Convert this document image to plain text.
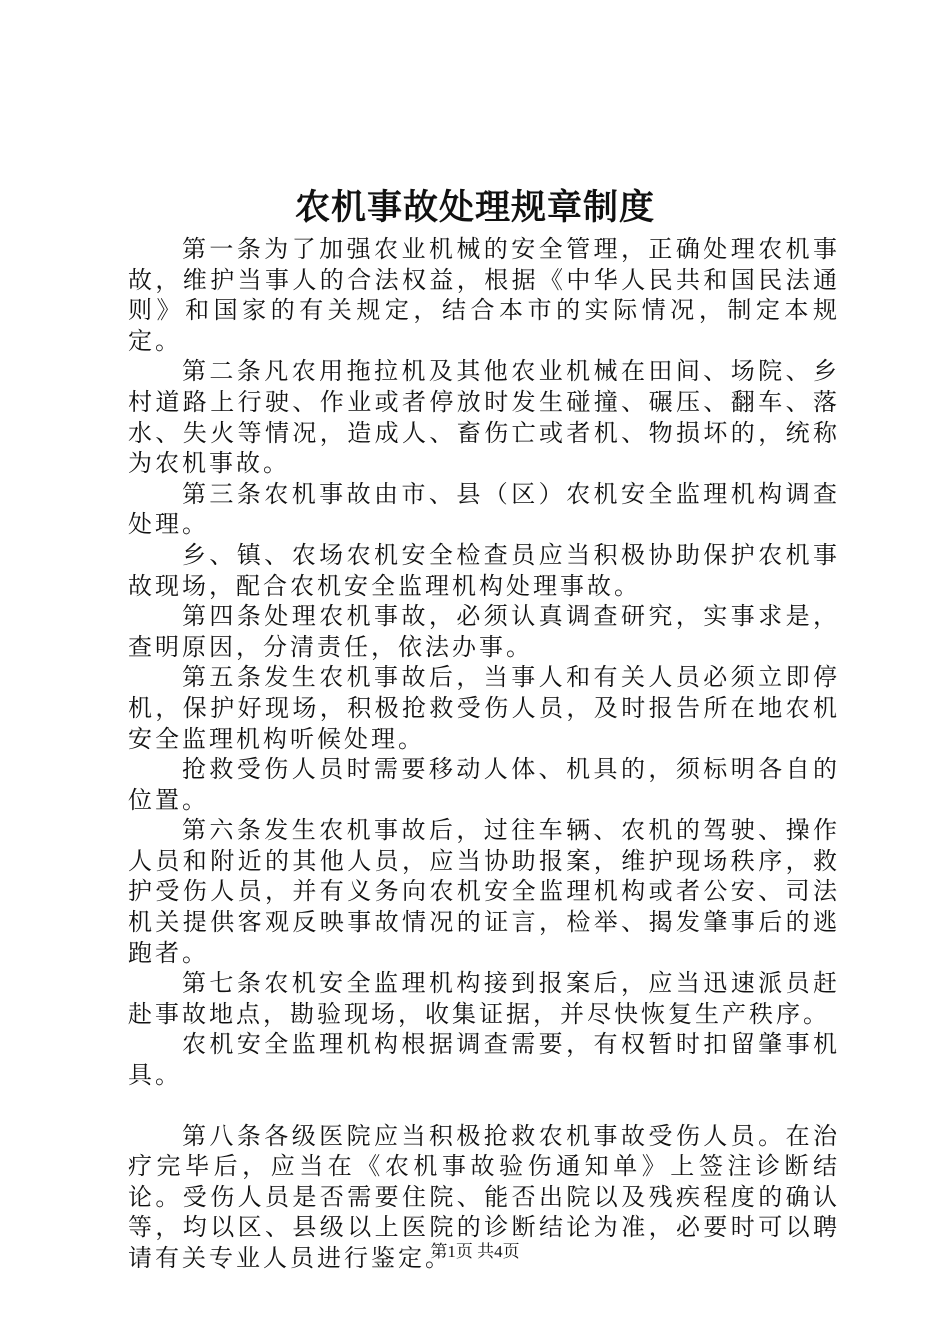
农机事故处理规章制度

第一条为了加强农业机械的安全管理，正确处理农机事故，维护当事人的合法权益，根据《中华人民共和国民法通则》和国家的有关规定，结合本市的实际情况，制定本规定。

第二条凡农用拖拉机及其他农业机械在田间、场院、乡村道路上行驶、作业或者停放时发生碰撞、碾压、翻车、落水、失火等情况，造成人、畜伤亡或者机、物损坏的，统称为农机事故。

第三条农机事故由市、县（区）农机安全监理机构调查处理。

乡、镇、农场农机安全检查员应当积极协助保护农机事故现场，配合农机安全监理机构处理事故。

第四条处理农机事故，必须认真调查研究，实事求是，查明原因，分清责任，依法办事。

第五条发生农机事故后，当事人和有关人员必须立即停机，保护好现场，积极抢救受伤人员，及时报告所在地农机安全监理机构听候处理。

抢救受伤人员时需要移动人体、机具的，须标明各自的位置。

第六条发生农机事故后，过往车辆、农机的驾驶、操作人员和附近的其他人员，应当协助报案，维护现场秩序，救护受伤人员，并有义务向农机安全监理机构或者公安、司法机关提供客观反映事故情况的证言，检举、揭发肇事后的逃跑者。

第七条农机安全监理机构接到报案后，应当迅速派员赶赴事故地点，勘验现场，收集证据，并尽快恢复生产秩序。

农机安全监理机构根据调查需要，有权暂时扣留肇事机具。

第八条各级医院应当积极抢救农机事故受伤人员。在治疗完毕后，应当在《农机事故验伤通知单》上签注诊断结论。受伤人员是否需要住院、能否出院以及残疾程度的确认等，均以区、县级以上医院的诊断结论为准，必要时可以聘请有关专业人员进行鉴定。

第1页 共4页
